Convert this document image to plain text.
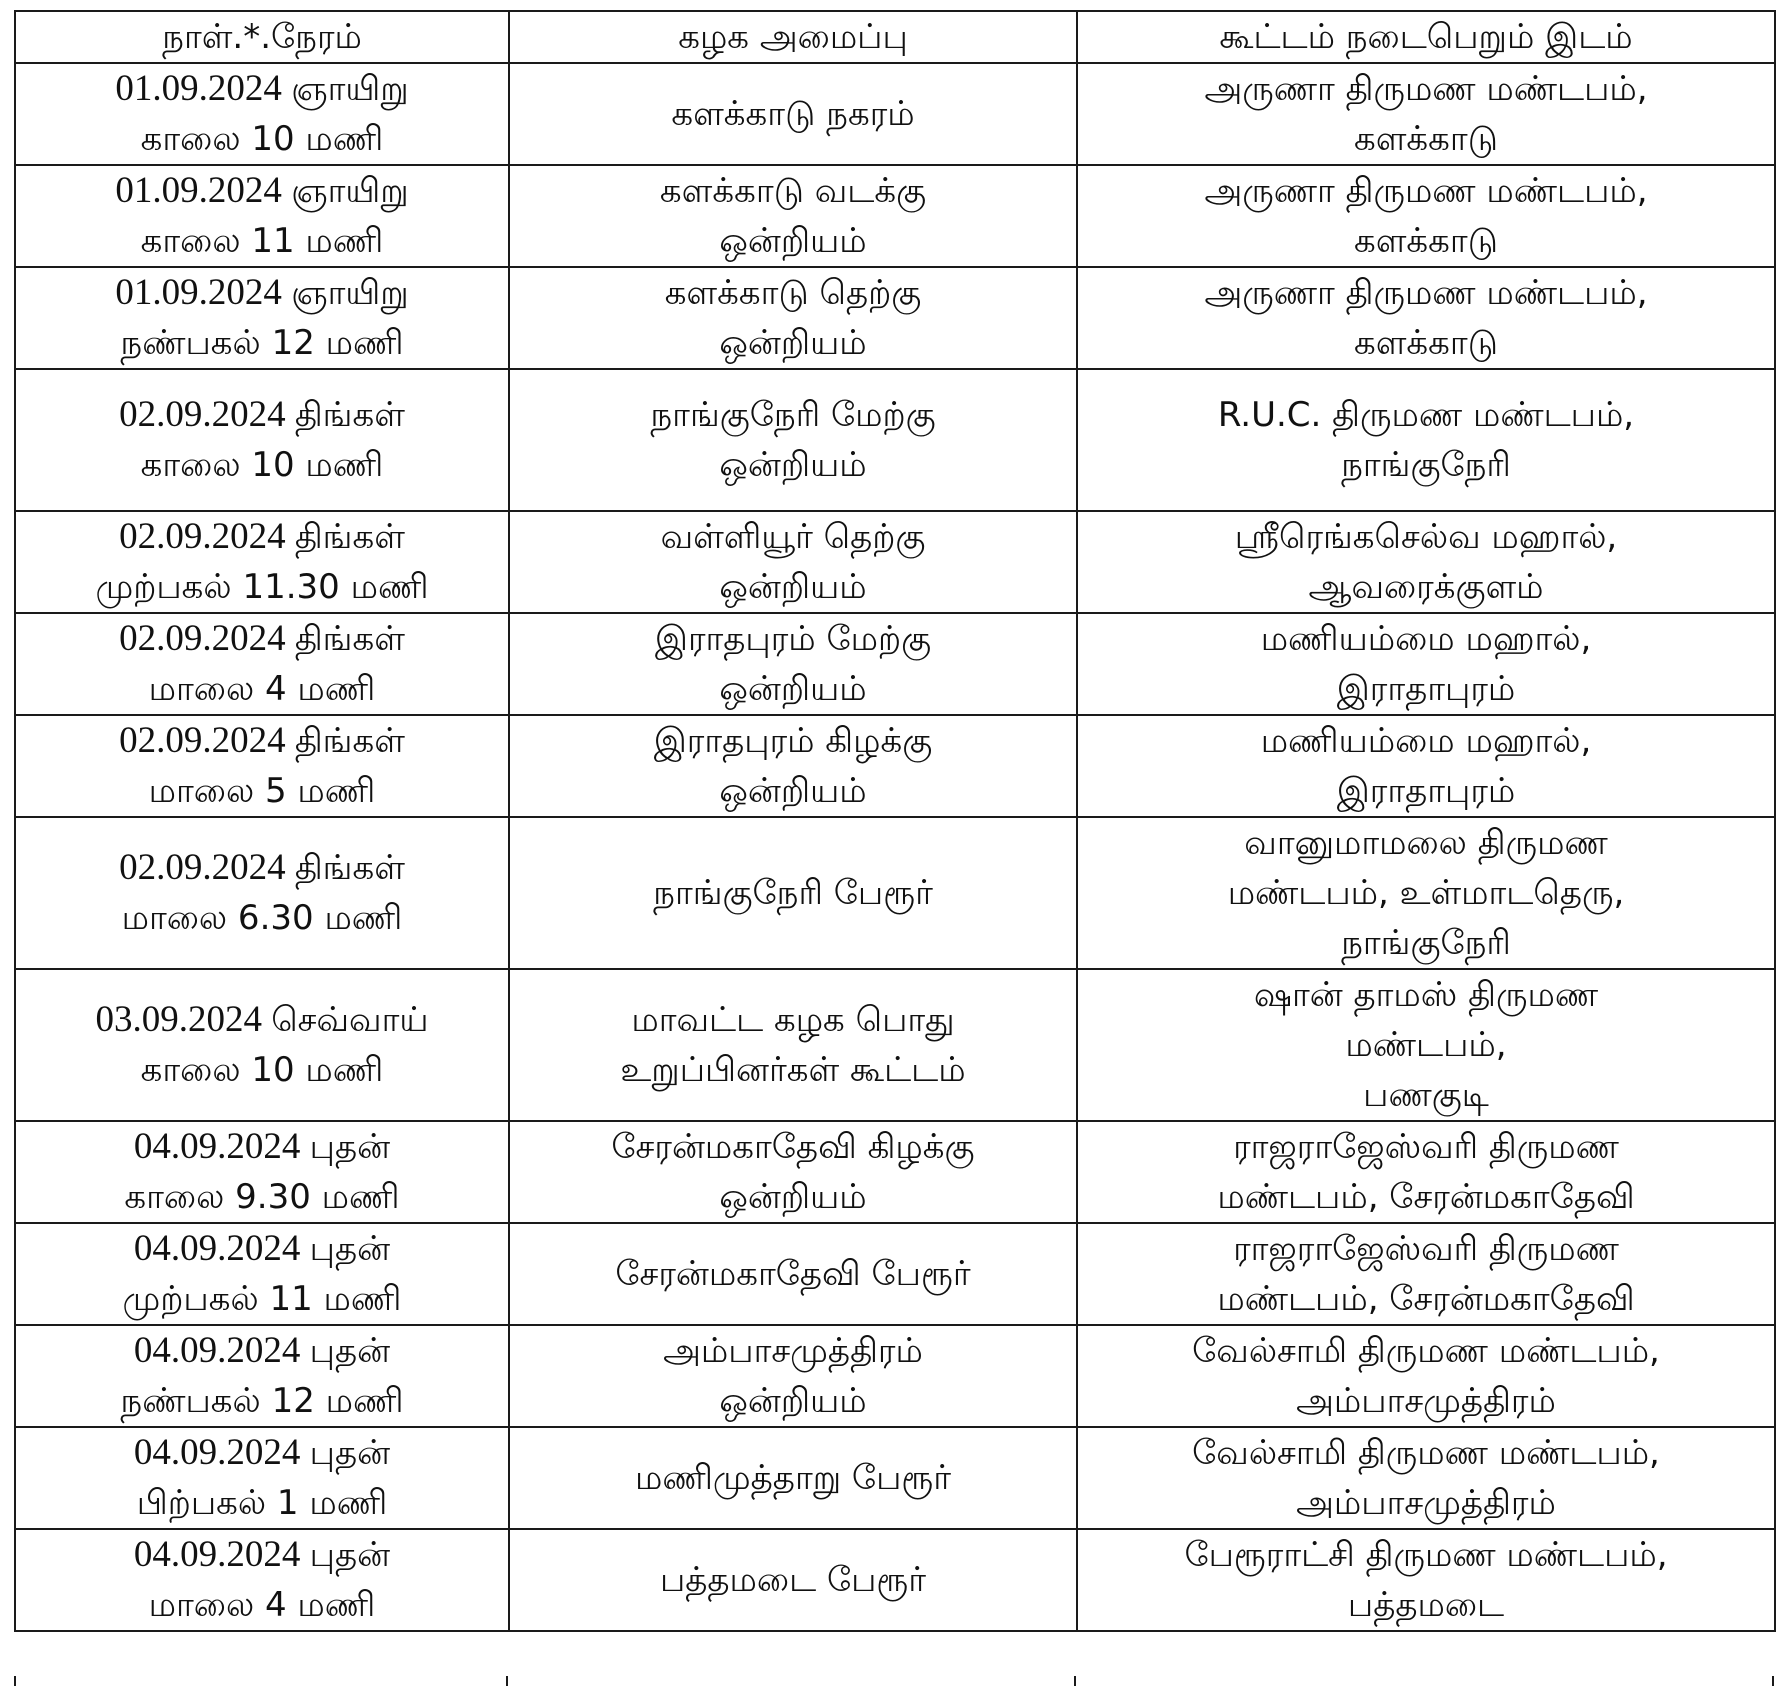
நாள்.*.நேரம்	கழக அமைப்பு	கூட்டம் நடைபெறும் இடம்

01.09.2024 ஞாயிறு
காலை 10 மணி	களக்காடு நகரம்	அருணா திருமண மண்டபம்,
களக்காடு

01.09.2024 ஞாயிறு
காலை 11 மணி	களக்காடு வடக்கு
ஒன்றியம்	அருணா திருமண மண்டபம்,
களக்காடு

01.09.2024 ஞாயிறு
நண்பகல் 12 மணி	களக்காடு தெற்கு
ஒன்றியம்	அருணா திருமண மண்டபம்,
களக்காடு

02.09.2024 திங்கள்
காலை 10 மணி	நாங்குநேரி மேற்கு
ஒன்றியம்	R.U.C. திருமண மண்டபம்,
நாங்குநேரி

02.09.2024 திங்கள்
முற்பகல் 11.30 மணி	வள்ளியூர் தெற்கு
ஒன்றியம்	ஸ்ரீரெங்கசெல்வ மஹால்,
ஆவரைக்குளம்

02.09.2024 திங்கள்
மாலை 4 மணி	இராதபுரம் மேற்கு
ஒன்றியம்	மணியம்மை மஹால்,
இராதாபுரம்

02.09.2024 திங்கள்
மாலை 5 மணி	இராதபுரம் கிழக்கு
ஒன்றியம்	மணியம்மை மஹால்,
இராதாபுரம்

02.09.2024 திங்கள்
மாலை 6.30 மணி	நாங்குநேரி பேரூர்	வானுமாமலை திருமண
மண்டபம், உள்மாடதெரு,
நாங்குநேரி

03.09.2024 செவ்வாய்
காலை 10 மணி	மாவட்ட கழக பொது
உறுப்பினர்கள் கூட்டம்	ஷான் தாமஸ் திருமண
மண்டபம்,
பணகுடி

04.09.2024 புதன்
காலை 9.30 மணி	சேரன்மகாதேவி கிழக்கு
ஒன்றியம்	ராஜராஜேஸ்வரி திருமண
மண்டபம், சேரன்மகாதேவி

04.09.2024 புதன்
முற்பகல் 11 மணி	சேரன்மகாதேவி பேரூர்	ராஜராஜேஸ்வரி திருமண
மண்டபம், சேரன்மகாதேவி

04.09.2024 புதன்
நண்பகல் 12 மணி	அம்பாசமுத்திரம்
ஒன்றியம்	வேல்சாமி திருமண மண்டபம்,
அம்பாசமுத்திரம்

04.09.2024 புதன்
பிற்பகல் 1 மணி	மணிமுத்தாறு பேரூர்	வேல்சாமி திருமண மண்டபம்,
அம்பாசமுத்திரம்

04.09.2024 புதன்
மாலை 4 மணி	பத்தமடை பேரூர்	பேரூராட்சி திருமண மண்டபம்,
பத்தமடை
